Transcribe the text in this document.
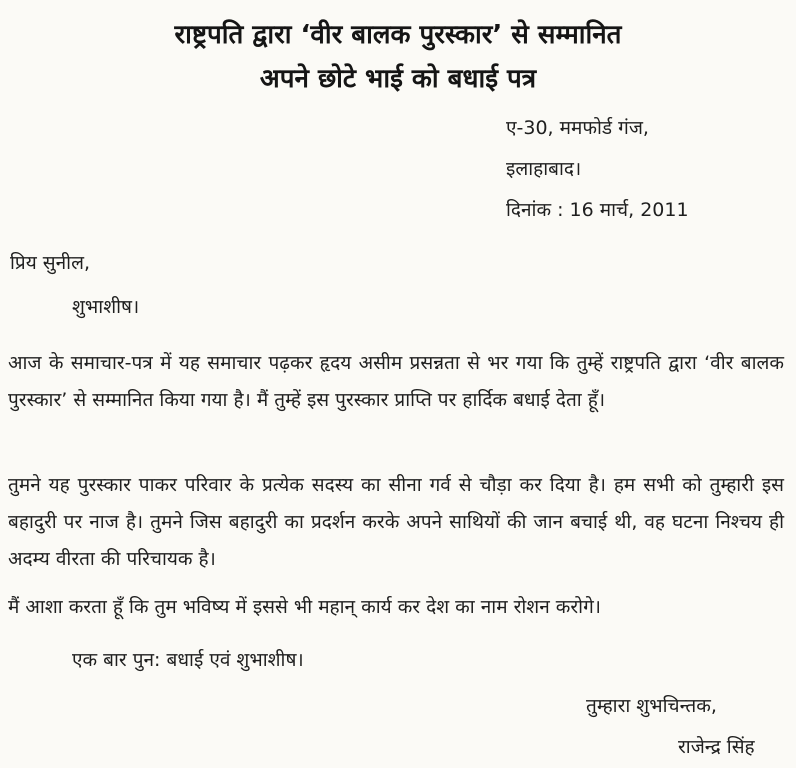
राष्ट्रपति द्वारा ‘वीर बालक पुरस्कार’ से सम्मानित
अपने छोटे भाई को बधाई पत्र
ए-30, ममफोर्ड गंज,
इलाहाबाद।
दिनांक : 16 मार्च, 2011
प्रिय सुनील,
शुभाशीष।
आज के समाचार-पत्र में यह समाचार पढ़कर हृदय असीम प्रसन्नता से भर गया कि तुम्हें राष्ट्रपति द्वारा ‘वीर बालक पुरस्कार’ से सम्मानित किया गया है। मैं तुम्हें इस पुरस्कार प्राप्ति पर हार्दिक बधाई देता हूँ।
तुमने यह पुरस्कार पाकर परिवार के प्रत्येक सदस्य का सीना गर्व से चौड़ा कर दिया है। हम सभी को तुम्हारी इस बहादुरी पर नाज है। तुमने जिस बहादुरी का प्रदर्शन करके अपने साथियों की जान बचाई थी, वह घटना निश्चय ही अदम्य वीरता की परिचायक है।
मैं आशा करता हूँ कि तुम भविष्य में इससे भी महान् कार्य कर देश का नाम रोशन करोगे।
एक बार पुन: बधाई एवं शुभाशीष।
तुम्हारा शुभचिन्तक,
राजेन्द्र सिंह
